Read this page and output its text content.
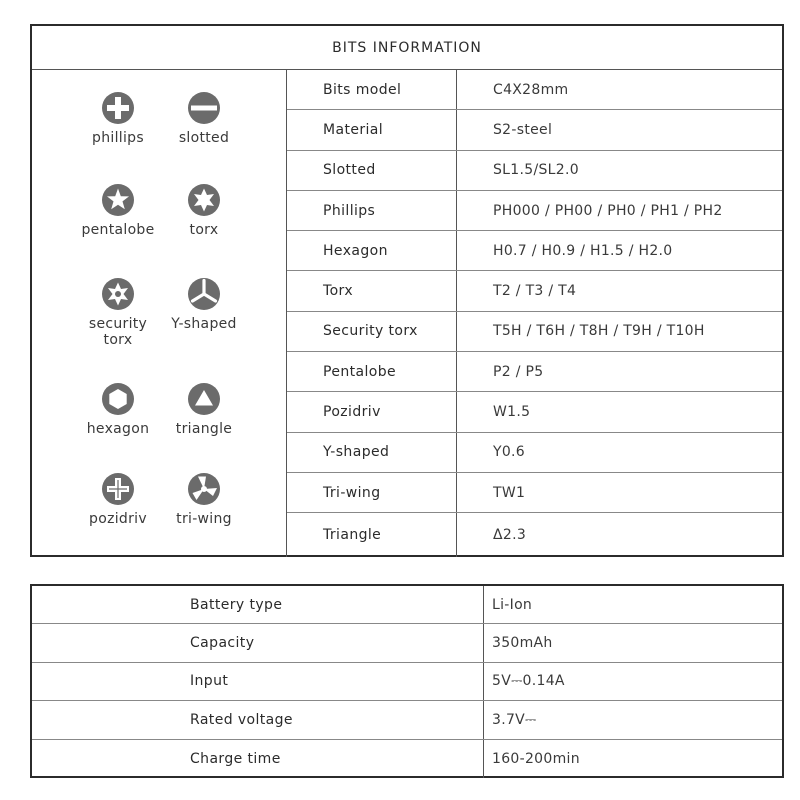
BITS INFORMATION
phillips	slotted
pentalobe	torx
security torx
Y-shaped
hexagon	triangle
pozidriv	tri-wing
Bits model	C4X28mm
Material	S2-steel
Slotted	SL1.5/SL2.0
Phillips	PH000 / PH00 / PH0 / PH1 / PH2
Hexagon	H0.7 / H0.9 / H1.5 / H2.0
Torx	T2 / T3 / T4
Security torx	T5H / T6H / T8H / T9H / T10H
Pentalobe	P2 / P5
Pozidriv	W1.5
Y-shaped	Y0.6
Tri-wing	TW1
Triangle	Δ2.3
Battery type	Li-Ion
Capacity	350mAh
Input	5V⎓0.14A
Rated voltage	3.7V⎓
Charge time	160-200min
